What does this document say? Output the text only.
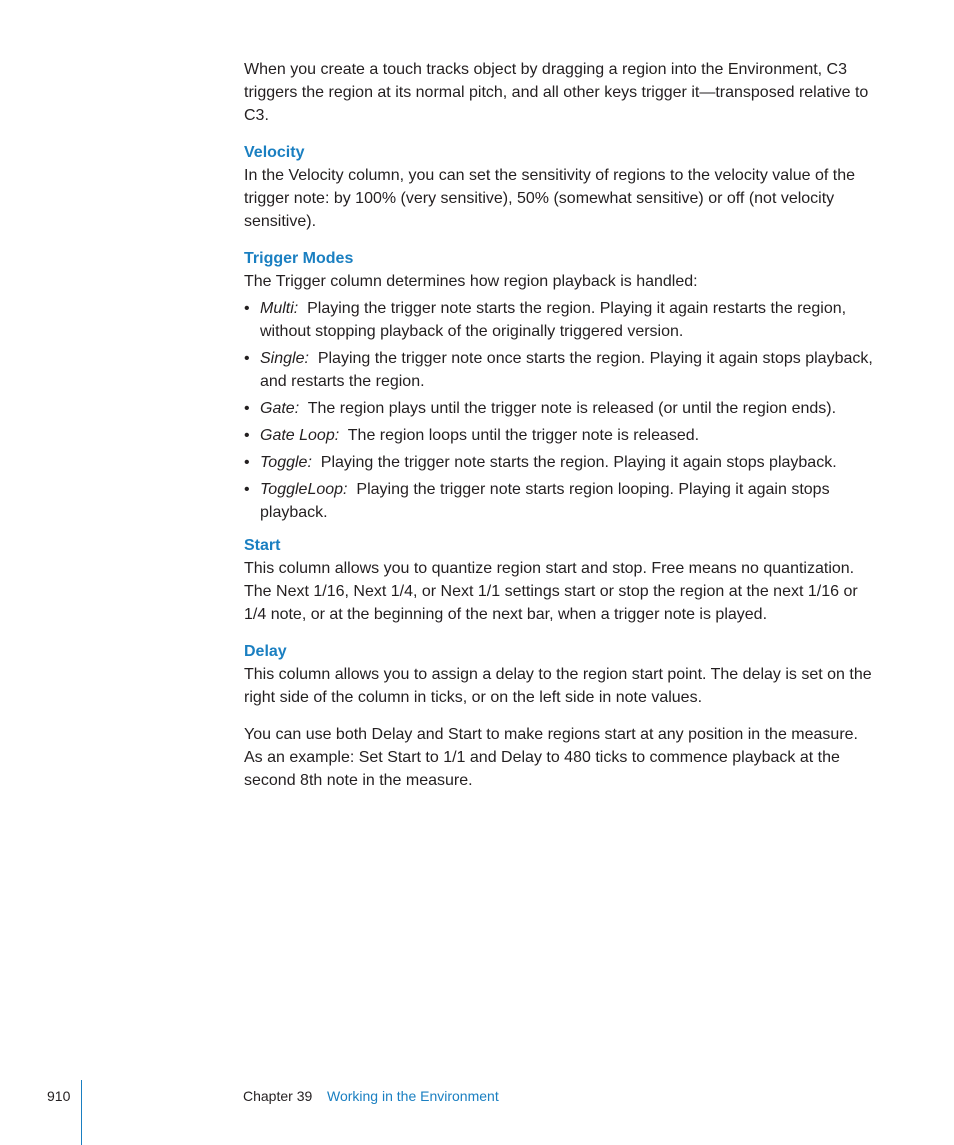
When you create a touch tracks object by dragging a region into the Environment, C3 triggers the region at its normal pitch, and all other keys trigger it—transposed relative to C3.

Velocity

In the Velocity column, you can set the sensitivity of regions to the velocity value of the trigger note: by 100% (very sensitive), 50% (somewhat sensitive) or off (not velocity sensitive).

Trigger Modes

The Trigger column determines how region playback is handled:

• Multi: Playing the trigger note starts the region. Playing it again restarts the region, without stopping playback of the originally triggered version.
• Single: Playing the trigger note once starts the region. Playing it again stops playback, and restarts the region.
• Gate: The region plays until the trigger note is released (or until the region ends).
• Gate Loop: The region loops until the trigger note is released.
• Toggle: Playing the trigger note starts the region. Playing it again stops playback.
• ToggleLoop: Playing the trigger note starts region looping. Playing it again stops playback.
Start

This column allows you to quantize region start and stop. Free means no quantization. The Next 1/16, Next 1/4, or Next 1/1 settings start or stop the region at the next 1/16 or 1/4 note, or at the beginning of the next bar, when a trigger note is played.

Delay

This column allows you to assign a delay to the region start point. The delay is set on the right side of the column in ticks, or on the left side in note values.

You can use both Delay and Start to make regions start at any position in the measure. As an example: Set Start to 1/1 and Delay to 480 ticks to commence playback at the second 8th note in the measure.

910	Chapter 39 Working in the Environment
